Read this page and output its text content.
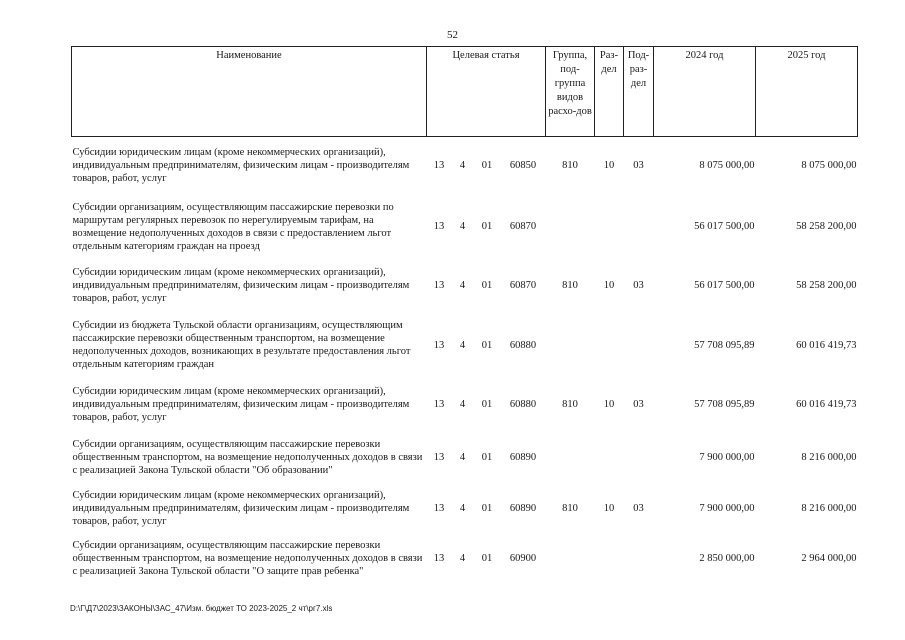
52
Наименование	Целевая статья				Группа, под-группа видов расхо-дов	Раз-дел	Под-раз-дел	2024 год	2025 год
Субсидии юридическим лицам (кроме некоммерческих организаций), индивидуальным предпринимателям, физическим лицам - производителям товаров, работ, услуг	13	4	01	60850	810	10	03	8 075 000,00	8 075 000,00
Субсидии организациям, осуществляющим пассажирские перевозки по маршрутам регулярных перевозок по нерегулируемым тарифам, на возмещение недополученных доходов в связи с предоставлением льгот отдельным категориям граждан на проезд	13	4	01	60870				56 017 500,00	58 258 200,00
Субсидии юридическим лицам (кроме некоммерческих организаций), индивидуальным предпринимателям, физическим лицам - производителям товаров, работ, услуг	13	4	01	60870	810	10	03	56 017 500,00	58 258 200,00
Субсидии из бюджета Тульской области организациям, осуществляющим пассажирские перевозки общественным транспортом, на возмещение недополученных доходов, возникающих в результате предоставления льгот отдельным категориям граждан	13	4	01	60880				57 708 095,89	60 016 419,73
Субсидии юридическим лицам (кроме некоммерческих организаций), индивидуальным предпринимателям, физическим лицам - производителям товаров, работ, услуг	13	4	01	60880	810	10	03	57 708 095,89	60 016 419,73
Субсидии организациям, осуществляющим пассажирские перевозки общественным транспортом, на возмещение недополученных доходов в связи с реализацией Закона Тульской области "Об образовании"	13	4	01	60890				7 900 000,00	8 216 000,00
Субсидии юридическим лицам (кроме некоммерческих организаций), индивидуальным предпринимателям, физическим лицам - производителям товаров, работ, услуг	13	4	01	60890	810	10	03	7 900 000,00	8 216 000,00
Субсидии организациям, осуществляющим пассажирские перевозки общественным транспортом, на возмещение недополученных доходов в связи с реализацией Закона Тульской области "О защите прав ребенка"	13	4	01	60900				2 850 000,00	2 964 000,00
D:\Г\Д7\2023\ЗАКОНЫ\ЗАС_47\Изм. бюджет ТО 2023-2025_2 чт\рг7.xls
